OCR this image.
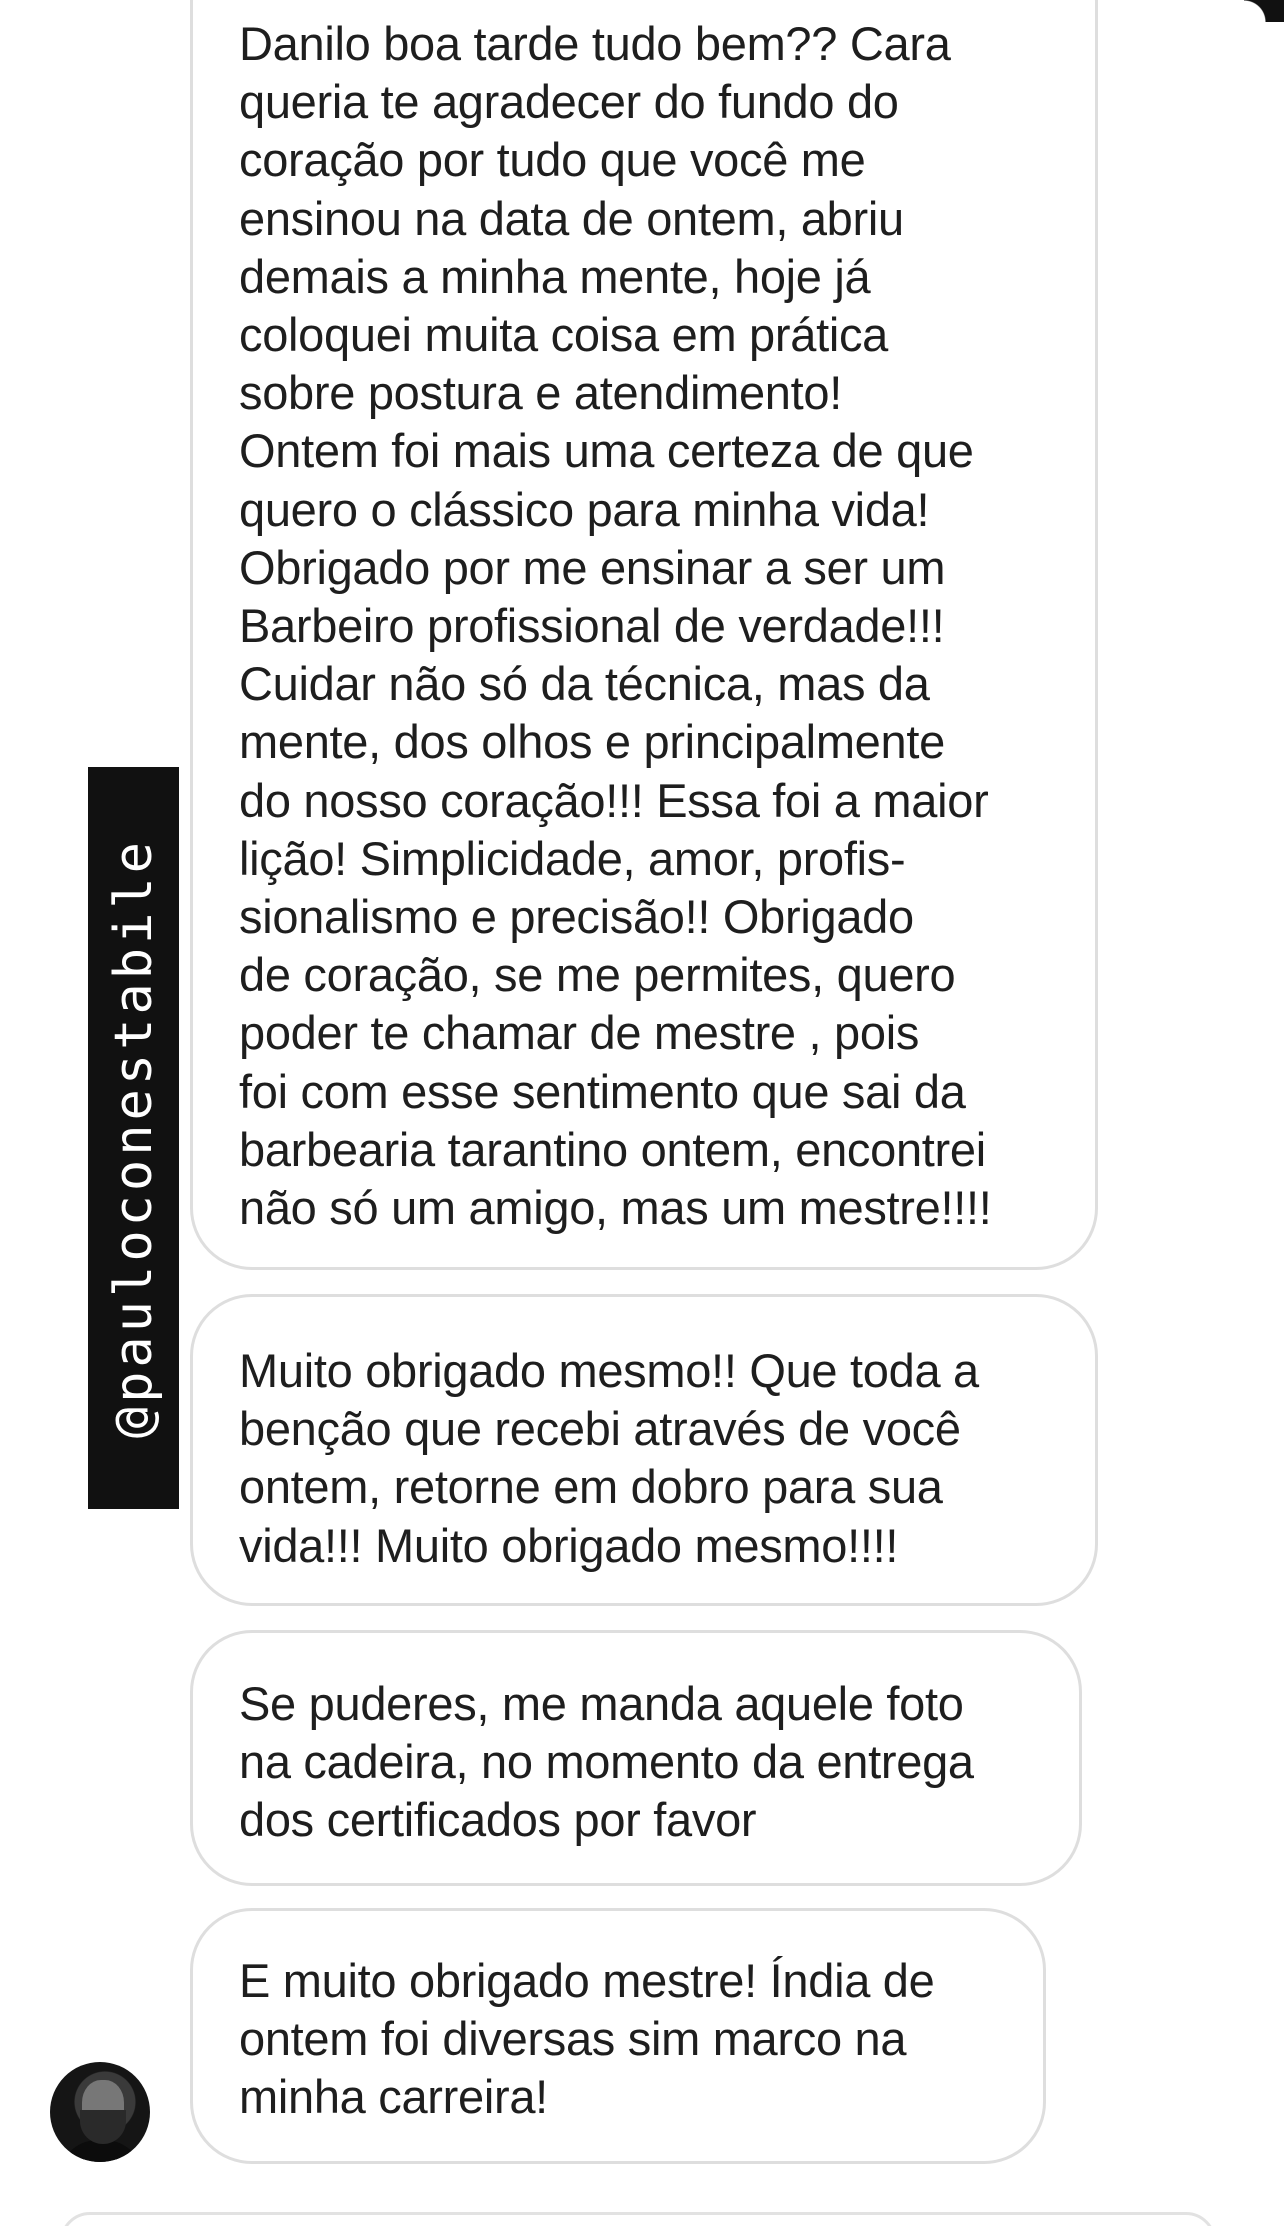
Danilo boa tarde tudo bem?? Cara
queria te agradecer do fundo do
coração por tudo que você me
ensinou na data de ontem, abriu
demais a minha mente, hoje já
coloquei muita coisa em prática
sobre postura e atendimento!
Ontem foi mais uma certeza de que
quero o clássico para minha vida!
Obrigado por me ensinar a ser um
Barbeiro profissional de verdade!!!
Cuidar não só da técnica, mas da
mente, dos olhos e principalmente
do nosso coração!!! Essa foi a maior
lição! Simplicidade, amor, profis-
sionalismo e precisão!! Obrigado
de coração, se me permites, quero
poder te chamar de mestre , pois
foi com esse sentimento que sai da
barbearia tarantino ontem, encontrei
não só um amigo, mas um mestre!!!!
Muito obrigado mesmo!! Que toda a
benção que recebi através de você
ontem, retorne em dobro para sua
vida!!! Muito obrigado mesmo!!!!
Se puderes, me manda aquele foto
na cadeira, no momento da entrega
dos certificados por favor
E muito obrigado mestre! Índia de
ontem foi diversas sim marco na
minha carreira!
@pauloconestabile
